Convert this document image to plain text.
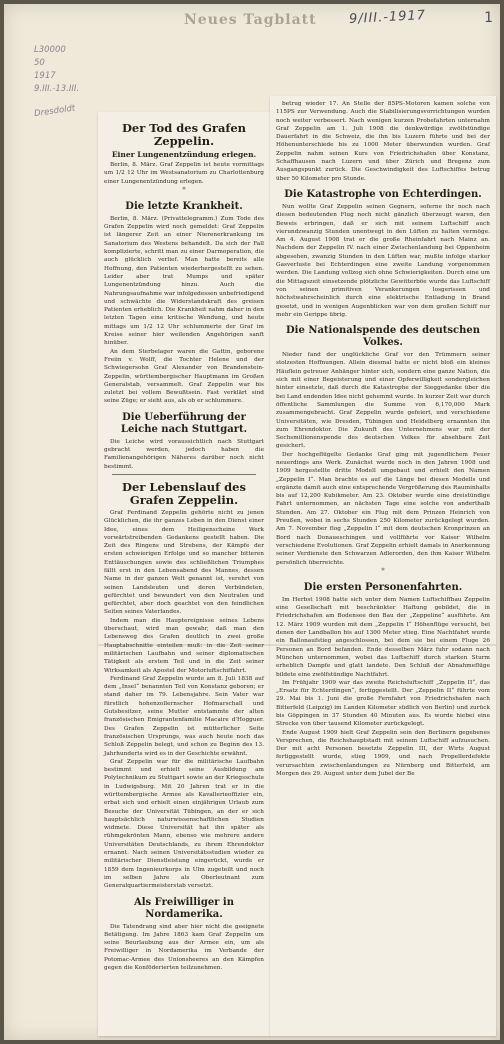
Neues Tagblatt 9/III.-1917	1
L30000
50
1917
9.III.-13.III.
Dresdoldt
Der Tod des Grafen Zeppelin.
Einer Lungenentzündung erlegen.

Berlin, 8. März. Graf Zeppelin ist heute vormittags um 1/2 12 Uhr im Westsanatorium zu Charlottenburg einer Lungenentzündung erlegen.

*
Die letzte Krankheit.

Berlin, 8. März. (Privattelegramm.) Zum Tode des Grafen Zeppelin wird noch gemeldet: Graf Zeppelin ist längerer Zeit an einer Nierenerkrankung im Sanatorium des Westens behandelt. Da sich der Fall komplizierte, schritt man zu einer Darmoperation, die auch glücklich verlief. Man hatte bereits alle Hoffnung, den Patienten wiederhergestellt zu sehen. Leider aber trat Mumps und später Lungenentzündung hinzu. Auch die Nahrungsaufnahme war infolgedessen unbefriedigend und schwächte die Widerstandskraft des greisen Patienten erheblich. Die Krankheit nahm daher in den letzten Tagen eine kritische Wendung, und heute mittags um 1/2 12 Uhr schlummerte der Graf im Kreise seiner hier weilenden Angehörigen sanft hinüber.

An dem Sterbelager waren die Gattin, geborene Freiin v. Wolff, die Tochter Helene und der Schwiegersohn Graf Alexander von Brandenstein-Zeppelin, württembergischer Hauptmann im Großen Generalstab, versammelt. Graf Zeppelin war bis zuletzt bei vollem Bewußtsein. Fast verklärt sind seine Züge; er sieht aus, als ob er schlummere.

Die Ueberführung der Leiche nach Stuttgart.

Die Leiche wird voraussichtlich nach Stuttgart gebracht werden, jedoch haben die Familienangehörigen Näheres darüber noch nicht bestimmt.

Der Lebenslauf des Grafen Zeppelin.

Graf Ferdinand Zeppelin gehörte nicht zu jenen Glücklichen, die ihr ganzes Leben in den Dienst einer Idee, eines dem Heiligenscheine Werk vorwärtstreibenden Gedankens gestellt haben. Die Zeit des Ringens und Strebens, der Kämpfe der ersten schwierigen Erfolge und so mancher bitteren Enttäuschungen sowie des schließlichen Triumphes fällt erst in den Lebensabend des Mannes, dessen Name in der ganzen Welt genannt ist, verehrt von seinen Landsleuten und deren Verbündeten, gefürchtet und bewundert von den Neutralen und gefürchtet, aber doch geachtet von den feindlichen Seiten seines Vaterlandes.

Indem man die Hauptereignisse seines Lebens überschaut, wird man gewahr, daß man den Lebensweg des Grafen deutlich in zwei große Hauptabschnitte einteilen muß: in die Zeit seiner militärischen Laufbahn und seiner diplomatischen Tätigkeit als erstem Teil und in die Zeit seiner Wirksamkeit als Apostel der Motorluftschiffahrt.

Ferdinand Graf Zeppelin wurde am 8. Juli 1838 auf dem „Insel“ benannten Teil von Konstanz geboren; er stand daher im 79. Lebensjahre. Sein Vater war fürstlich hohenzollernscher Hofmarschall und Gutsbesitzer, seine Mutter entstammte der alten französischen Emigrantenfamilie Macaire d'Hogguer. Des Grafen Zeppelin ist mütterlicher Seite französischen Ursprungs, was auch heute noch das Schloß Zeppelin belegt, und schon zu Beginn des 13. Jahrhunderts wird es in der Geschichte erwähnt.

Graf Zeppelin war für die militärische Laufbahn bestimmt und erhielt seine Ausbildung am Polytechnikum zu Stuttgart sowie an der Kriegsschule in Ludwigsburg. Mit 20 Jahren trat er in die württembergische Armee als Kavallerieoffizier ein, erbat sich und erhielt einen einjährigen Urlaub zum Besuche der Universität Tübingen, an der er sich hauptsächlich naturwissenschaftlichen Studien widmete. Diese Universität hat ihn später als rühmgekrönten Mann, ebenso wie mehrere andere Universitäten Deutschlands, zu ihrem Ehrendoktor ernannt. Nach seinen Universitätsstudien wieder zu militärischer Dienstleistung eingerückt, wurde er 1859 dem Ingenieurkorps in Ulm zugeteilt und noch im selben Jahre als Oberleutnant zum Generalquartiermeisterstab versetzt.

Als Freiwilliger in Nordamerika.

Die Tatendrang sind aber hier nicht die geeignete Betätigung. Im Jahre 1863 kam Graf Zeppelin um seine Beurlaubung aus der Armee ein, um als Freiwilliger in Nordamerika im Verbande der Potomac-Armee des Unionsheeres an den Kämpfen gegen die Konföderierten teilzunehmen.

betrug wieder 17. An Stelle der 85PS-Motoren kamen solche von 115PS zur Verwendung. Auch die Stabilisierungsvorrichtungen wurden noch weiter verbessert. Nach wenigen kurzen Probefahrten unternahm Graf Zeppelin am 1. Juli 1908 die denkwürdige zwölfstündige Dauerfahrt in die Schweiz, die ihn bis Luzern führte und bei der Höhenunterschiede bis zu 1000 Meter überwunden wurden. Graf Zeppelin nahm seinen Kurs von Friedrichshafen über Konstanz, Schaffhausen nach Luzern und über Zürich und Bregenz zum Ausgangspunkt zurück. Die Geschwindigkeit des Luftschiffes betrug über 50 Kilometer pro Stunde.

Die Katastrophe von Echterdingen.

Nun wollte Graf Zeppelin seinen Gegnern, soferne ihr noch nach diesen bedeutenden Flug noch nicht gänzlich überzeugt waren, den Beweis erbringen, daß er sich mit seinem Luftschiff auch vierundzwanzig Stunden unentwegt in den Lüften zu halten vermöge. Am 4. August 1908 trat er die große Rheinfahrt nach Mainz an. Nachdem der Zeppelin IV. nach einer Zwischenlandung bei Oppenheim abgesehen, zwanzig Stunden in den Lüften war, mußte infolge starker Gasverluste bei Echterdingen eine zweite Landung vorgenommen werden. Die Landung vollzog sich ohne Schwierigkeiten. Durch eine um die Mittagszeit einsetzende plötzliche Gewitterböe wurde das Luftschiff von seinen primitiven Verankerungen losgerissen und höchstwahrscheinlich durch eine elektrische Entladung in Brand gesetzt, und in wenigen Augenblicken war von dem großen Schiff nur mehr ein Gerippe übrig.

Die Nationalspende des deutschen Volkes.

Nieder fand der unglückliche Graf vor den Trümmern seiner stolzesten Hoffnungen. Allein diesmal hatte er nicht bloß ein kleines Häuflein getreuer Anhänger hinter sich, sondern eine ganze Nation, die sich mit einer Begeisterung und einer Opferwilligkeit sondergleichen hinter einsetzte, daß durch die Katastrophe der Sieggedanke über die bei Land endenden Idee nicht gehemmt wurde. In kurzer Zeit war durch öffentliche Sammlungen die Summe von 6,170,000 Mark zusammengebracht. Graf Zeppelin wurde gefeiert, und verschiedene Universitäten, wie Dresden, Tübingen und Heidelberg ernannten ihn zum Ehrendoktor. Die Zukunft des Unternehmens war mit der Sechsmillionenspende des deutschen Volkes für absehbare Zeit gesichert.

Der hochgeflügelte Gedanke Graf ging mit jugendlichem Feuer neuerdings ans Werk. Zunächst wurde noch in den Jahren 1908 und 1909 hergestellte dritte Modell umgebaut und erhielt den Namen „Zeppelin I“. Man brachte es auf die Länge bei diesen Modells und ergänzte damit auch eine entsprechende Vergrößerung des Rauminhalts bis auf 12,200 Kubikmeter. Am 23. Oktober wurde eine dreistündige Fahrt unternommen, an nächsten Tage eine solche von anderthalb Stunden. Am 27. Oktober ein Flug mit dem Prinzen Heinrich von Preußen, wobei in sechs Stunden 250 Kilometer zurückgelegt wurden. Am 7. November flog „Zeppelin I“ mit dem deutschen Kronprinzen an Bord nach Donaueschingen und vollführte vor Kaiser Wilhelm verschiedene Evolutionen. Graf Zeppelin erhielt damals in Anerkennung seiner Verdienste den Schwarzen Adlerorden, den ihm Kaiser Wilhelm persönlich überreichte.

*
Die ersten Personenfahrten.

Im Herbst 1908 hatte sich unter dem Namen Luftschiffbau Zeppelin eine Gesellschaft mit beschränkter Haftung gebildet, die in Friedrichshafen am Bodensee den Bau der „Zeppeline“ ausführte. Am 12. März 1909 wurden mit dem „Zeppelin I“ Höhenflüge versucht, bei denen der Landballon bis auf 1300 Meter stieg. Eine Nachtfahrt wurde ein Ballonaufstieg angeschlossen, bei dem sie bei einem Fluge 26 Personen an Bord befanden. Ende desselben März fuhr sodann nach München unternommen, wobei das Luftschiff durch starken Sturm erheblich Dampfe und glatt landete. Den Schluß der Abnahmeflüge bildete eine zwölfstündige Nachtfahrt.

Im Frühjahr 1909 war das zweite Reichsluftschiff „Zeppelin II“, das „Ersatz für Echterdingen“, fertiggestellt. Der „Zeppelin II“ führte vom 29. Mai bis 1. Juni die große Fernfahrt von Friedrichshafen nach Bitterfeld (Leipzig) im Landen Kilometer südlich von Berlin) und zurück bis Göppingen in 37 Stunden 40 Minuten aus. Es wurde hiebei eine Strecke von über tausend Kilometer zurückgelegt.

Ende August 1909 hielt Graf Zeppelin sein den Berlinern gegebenes Versprechen, die Reichshauptstadt mit seinem Luftschiff aufzusuchen. Der mit acht Personen besetzte Zeppelin III, der Wirts August fertiggestellt wurde, stieg 1909, und nach Propellerdefekte verursachten zwischenlandungen zu Nürnberg und Bitterfeld, am Morgen des 29. August unter dem Jubel der Be
